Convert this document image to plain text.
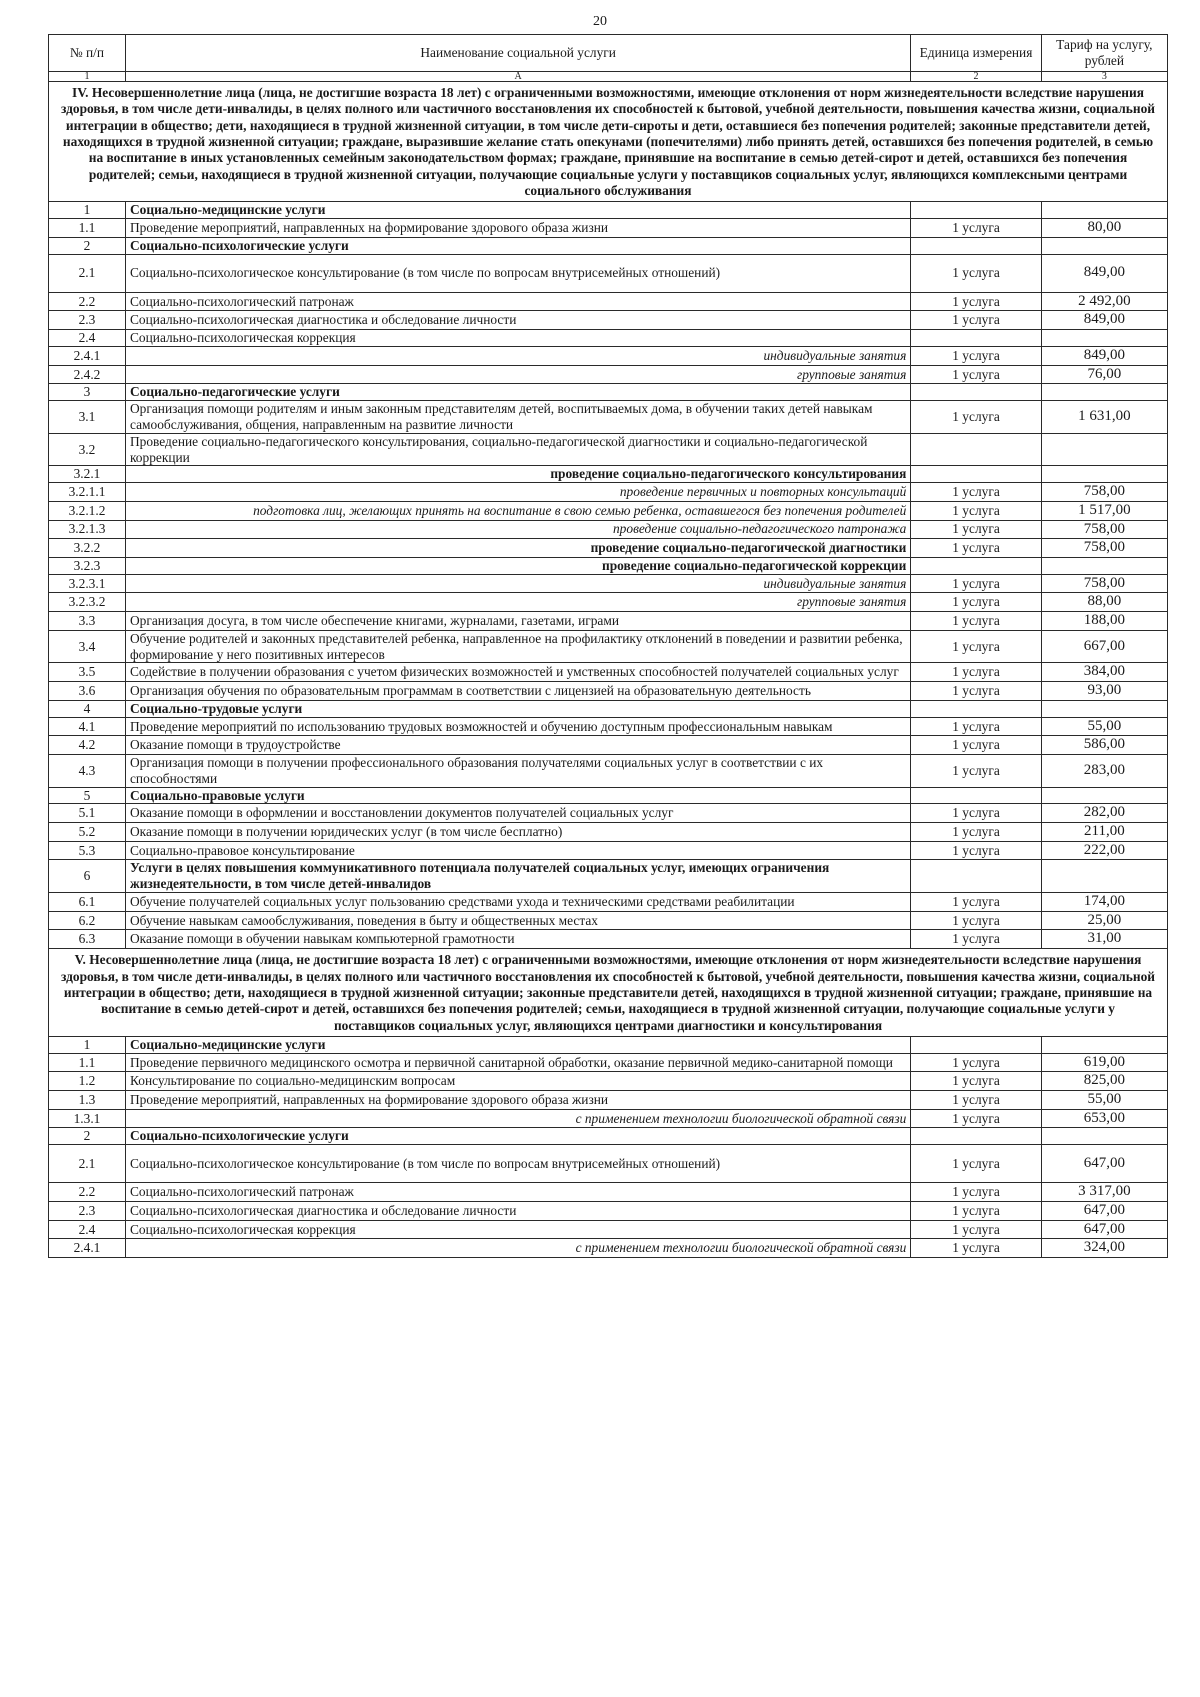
20
№ п/п	Наименование социальной услуги	Единица измерения	Тариф на услугу, рублей
1	А	2	3
IV. Несовершеннолетние лица (лица, не достигшие возраста 18 лет) с ограниченными возможностями, имеющие отклонения от норм жизнедеятельности вследствие нарушения здоровья, в том числе дети-инвалиды, в целях полного или частичного восстановления их способностей к бытовой, учебной деятельности, повышения качества жизни, социальной интеграции в общество; дети, находящиеся в трудной жизненной ситуации, в том числе дети-сироты и дети, оставшиеся без попечения родителей; законные представители детей, находящихся в трудной жизненной ситуации; граждане, выразившие желание стать опекунами (попечителями) либо принять детей, оставшихся без попечения родителей, в семью на воспитание в иных установленных семейным законодательством формах; граждане, принявшие на воспитание в семью детей-сирот и детей, оставшихся без попечения родителей; семьи, находящиеся в трудной жизненной ситуации, получающие социальные услуги у поставщиков социальных услуг, являющихся комплексными центрами социального обслуживания			
1	Социально-медицинские услуги		
1.1	Проведение мероприятий, направленных на формирование здорового образа жизни	1 услуга	80,00
2	Социально-психологические услуги		
2.1	Социально-психологическое консультирование (в том числе по вопросам внутрисемейных отношений)	1 услуга	849,00
2.2	Социально-психологический патронаж	1 услуга	2 492,00
2.3	Социально-психологическая диагностика и обследование личности	1 услуга	849,00
2.4	Социально-психологическая коррекция		
2.4.1	индивидуальные занятия	1 услуга	849,00
2.4.2	групповые занятия	1 услуга	76,00
3	Социально-педагогические услуги		
3.1	Организация помощи родителям и иным законным представителям детей, воспитываемых дома, в обучении таких детей навыкам самообслуживания, общения, направленным на развитие личности	1 услуга	1 631,00
3.2	Проведение социально-педагогического консультирования, социально-педагогической диагностики и социально-педагогической коррекции		
3.2.1	проведение социально-педагогического консультирования		
3.2.1.1	проведение первичных и повторных консультаций	1 услуга	758,00
3.2.1.2	подготовка лиц, желающих принять на воспитание в свою семью ребенка, оставшегося без попечения родителей	1 услуга	1 517,00
3.2.1.3	проведение социально-педагогического патронажа	1 услуга	758,00
3.2.2	проведение социально-педагогической диагностики	1 услуга	758,00
3.2.3	проведение социально-педагогической коррекции		
3.2.3.1	индивидуальные занятия	1 услуга	758,00
3.2.3.2	групповые занятия	1 услуга	88,00
3.3	Организация досуга, в том числе обеспечение книгами, журналами, газетами, играми	1 услуга	188,00
3.4	Обучение родителей и законных представителей ребенка, направленное на профилактику отклонений в поведении и развитии ребенка, формирование у него позитивных интересов	1 услуга	667,00
3.5	Содействие в получении образования с учетом физических возможностей и умственных способностей получателей социальных услуг	1 услуга	384,00
3.6	Организация обучения по образовательным программам в соответствии с лицензией на образовательную деятельность	1 услуга	93,00
4	Социально-трудовые услуги		
4.1	Проведение мероприятий по использованию трудовых возможностей и обучению доступным профессиональным навыкам	1 услуга	55,00
4.2	Оказание помощи в трудоустройстве	1 услуга	586,00
4.3	Организация помощи в получении профессионального образования получателями социальных услуг в соответствии с их способностями	1 услуга	283,00
5	Социально-правовые услуги		
5.1	Оказание помощи в оформлении и восстановлении документов получателей социальных услуг	1 услуга	282,00
5.2	Оказание помощи в получении юридических услуг (в том числе бесплатно)	1 услуга	211,00
5.3	Социально-правовое консультирование	1 услуга	222,00
6	Услуги в целях повышения коммуникативного потенциала получателей социальных услуг, имеющих ограничения жизнедеятельности, в том числе детей-инвалидов		
6.1	Обучение получателей социальных услуг пользованию средствами ухода и техническими средствами реабилитации	1 услуга	174,00
6.2	Обучение навыкам самообслуживания, поведения в быту и общественных местах	1 услуга	25,00
6.3	Оказание помощи в обучении навыкам компьютерной грамотности	1 услуга	31,00
V. Несовершеннолетние лица (лица, не достигшие возраста 18 лет) с ограниченными возможностями, имеющие отклонения от норм жизнедеятельности вследствие нарушения здоровья, в том числе дети-инвалиды, в целях полного или частичного восстановления их способностей к бытовой, учебной деятельности, повышения качества жизни, социальной интеграции в общество; дети, находящиеся в трудной жизненной ситуации; законные представители детей, находящихся в трудной жизненной ситуации; граждане, принявшие на воспитание в семью детей-сирот и детей, оставшихся без попечения родителей; семьи, находящиеся в трудной жизненной ситуации, получающие социальные услуги у поставщиков социальных услуг, являющихся центрами диагностики и консультирования			
1	Социально-медицинские услуги		
1.1	Проведение первичного медицинского осмотра и первичной санитарной обработки, оказание первичной медико-санитарной помощи	1 услуга	619,00
1.2	Консультирование по социально-медицинским вопросам	1 услуга	825,00
1.3	Проведение мероприятий, направленных на формирование здорового образа жизни	1 услуга	55,00
1.3.1	с применением технологии биологической обратной связи	1 услуга	653,00
2	Социально-психологические услуги		
2.1	Социально-психологическое консультирование (в том числе по вопросам внутрисемейных отношений)	1 услуга	647,00
2.2	Социально-психологический патронаж	1 услуга	3 317,00
2.3	Социально-психологическая диагностика и обследование личности	1 услуга	647,00
2.4	Социально-психологическая коррекция	1 услуга	647,00
2.4.1	с применением технологии биологической обратной связи	1 услуга	324,00
